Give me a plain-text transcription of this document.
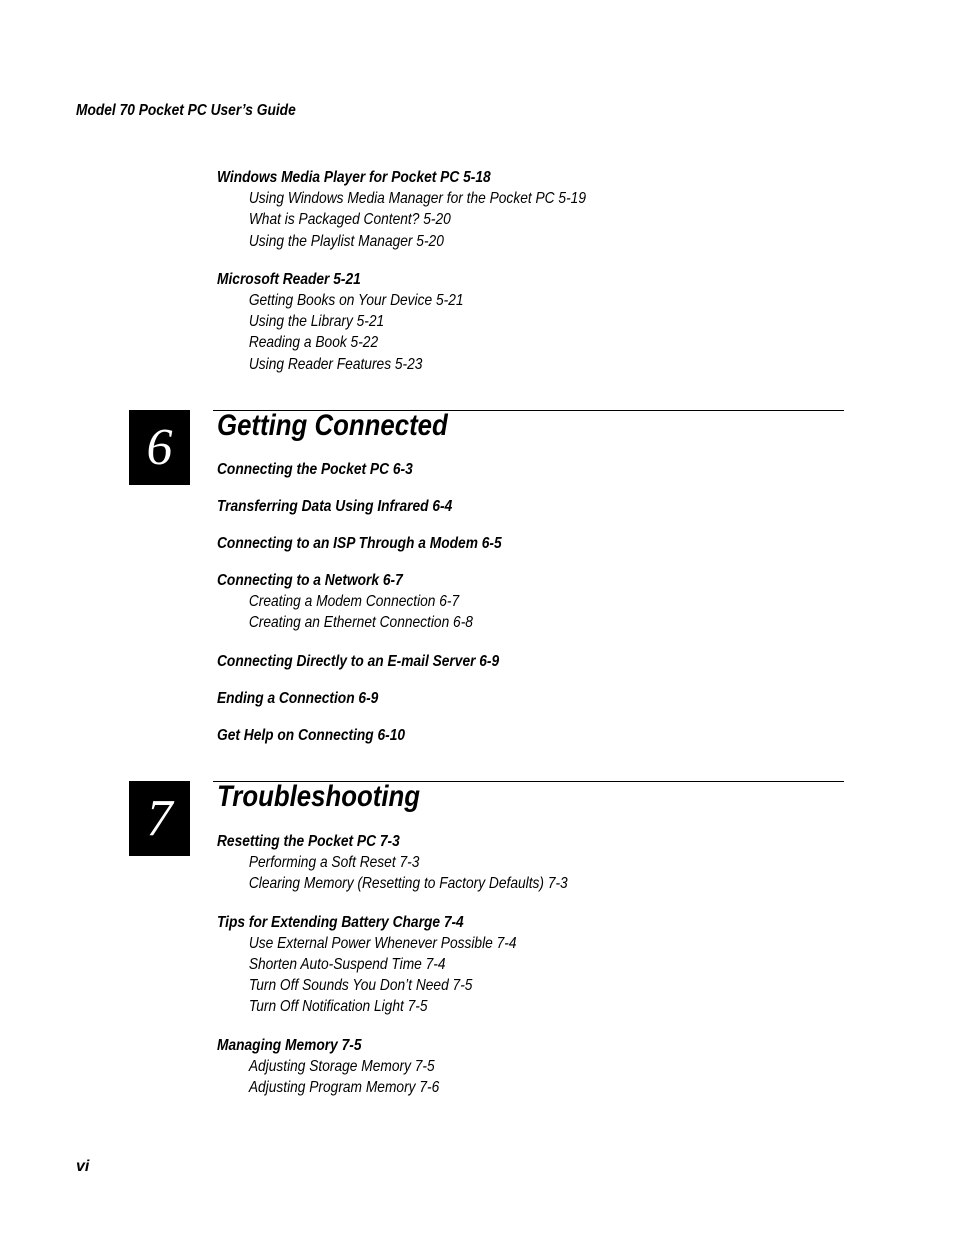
Model 70 Pocket PC User’s Guide
Windows Media Player for Pocket PC 5-18
Using Windows Media Manager for the Pocket PC 5-19
What is Packaged Content? 5-20
Using the Playlist Manager 5-20
Microsoft Reader 5-21
Getting Books on Your Device 5-21
Using the Library 5-21
Reading a Book 5-22
Using Reader Features 5-23
6	Getting Connected
Connecting the Pocket PC 6-3
Transferring Data Using Infrared 6-4
Connecting to an ISP Through a Modem 6-5
Connecting to a Network 6-7
Creating a Modem Connection 6-7
Creating an Ethernet Connection 6-8
Connecting Directly to an E-mail Server 6-9
Ending a Connection 6-9
Get Help on Connecting 6-10
7	Troubleshooting
Resetting the Pocket PC 7-3
Performing a Soft Reset 7-3
Clearing Memory (Resetting to Factory Defaults) 7-3
Tips for Extending Battery Charge 7-4
Use External Power Whenever Possible 7-4
Shorten Auto-Suspend Time 7-4
Turn Off Sounds You Don’t Need 7-5
Turn Off Notification Light 7-5
Managing Memory 7-5
Adjusting Storage Memory 7-5
Adjusting Program Memory 7-6
vi
